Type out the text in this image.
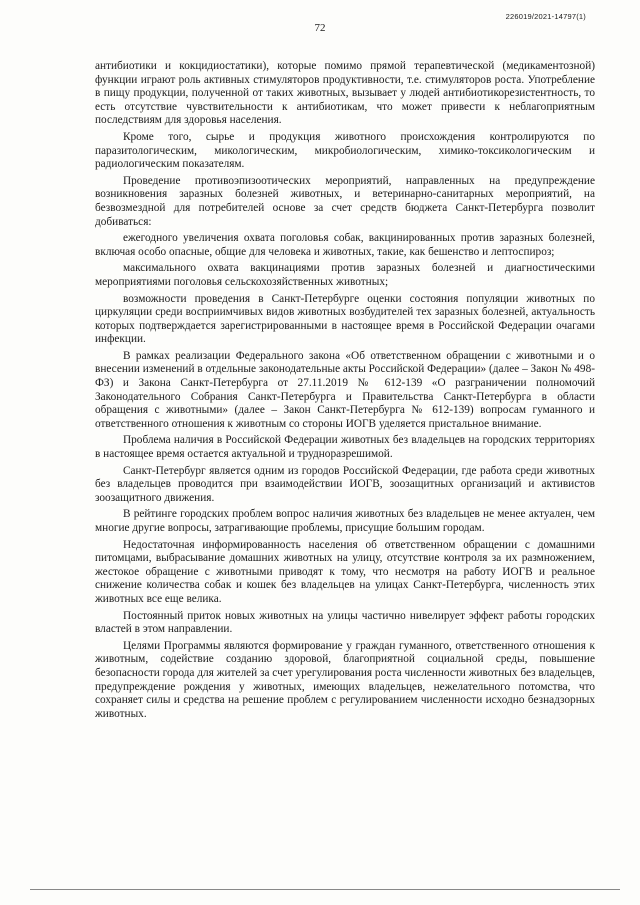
72
226019/2021-14797(1)

антибиотики и кокцидиостатики), которые помимо прямой терапевтической (медикаментозной) функции играют роль активных стимуляторов продуктивности, т.е. стимуляторов роста. Употребление в пищу продукции, полученной от таких животных, вызывает у людей антибиотикорезистентность, то есть отсутствие чувствительности к антибиотикам, что может привести к неблагоприятным последствиям для здоровья населения.

Кроме того, сырье и продукция животного происхождения контролируются по паразитологическим, микологическим, микробиологическим, химико-токсикологическим и радиологическим показателям.

Проведение противоэпизоотических мероприятий, направленных на предупреждение возникновения заразных болезней животных, и ветеринарно-санитарных мероприятий, на безвозмездной для потребителей основе за счет средств бюджета Санкт-Петербурга позволит добиваться:

ежегодного увеличения охвата поголовья собак, вакцинированных против заразных болезней, включая особо опасные, общие для человека и животных, такие, как бешенство и лептоспироз;

максимального охвата вакцинациями против заразных болезней и диагностическими мероприятиями поголовья сельскохозяйственных животных;

возможности проведения в Санкт-Петербурге оценки состояния популяции животных по циркуляции среди восприимчивых видов животных возбудителей тех заразных болезней, актуальность которых подтверждается зарегистрированными в настоящее время в Российской Федерации очагами инфекции.

В рамках реализации Федерального закона «Об ответственном обращении с животными и о внесении изменений в отдельные законодательные акты Российской Федерации» (далее – Закон № 498-ФЗ) и Закона Санкт-Петербурга от 27.11.2019 № 612-139 «О разграничении полномочий Законодательного Собрания Санкт-Петербурга и Правительства Санкт-Петербурга в области обращения с животными» (далее – Закон Санкт-Петербурга № 612-139) вопросам гуманного и ответственного отношения к животным со стороны ИОГВ уделяется пристальное внимание.

Проблема наличия в Российской Федерации животных без владельцев на городских территориях в настоящее время остается актуальной и трудноразрешимой.

Санкт-Петербург является одним из городов Российской Федерации, где работа среди животных без владельцев проводится при взаимодействии ИОГВ, зоозащитных организаций и активистов зоозащитного движения.

В рейтинге городских проблем вопрос наличия животных без владельцев не менее актуален, чем многие другие вопросы, затрагивающие проблемы, присущие большим городам.

Недостаточная информированность населения об ответственном обращении с домашними питомцами, выбрасывание домашних животных на улицу, отсутствие контроля за их размножением, жестокое обращение с животными приводят к тому, что несмотря на работу ИОГВ и реальное снижение количества собак и кошек без владельцев на улицах Санкт-Петербурга, численность этих животных все еще велика.

Постоянный приток новых животных на улицы частично нивелирует эффект работы городских властей в этом направлении.

Целями Программы являются формирование у граждан гуманного, ответственного отношения к животным, содействие созданию здоровой, благоприятной социальной среды, повышение безопасности города для жителей за счет урегулирования роста численности животных без владельцев, предупреждение рождения у животных, имеющих владельцев, нежелательного потомства, что сохраняет силы и средства на решение проблем с регулированием численности исходно безнадзорных животных.
